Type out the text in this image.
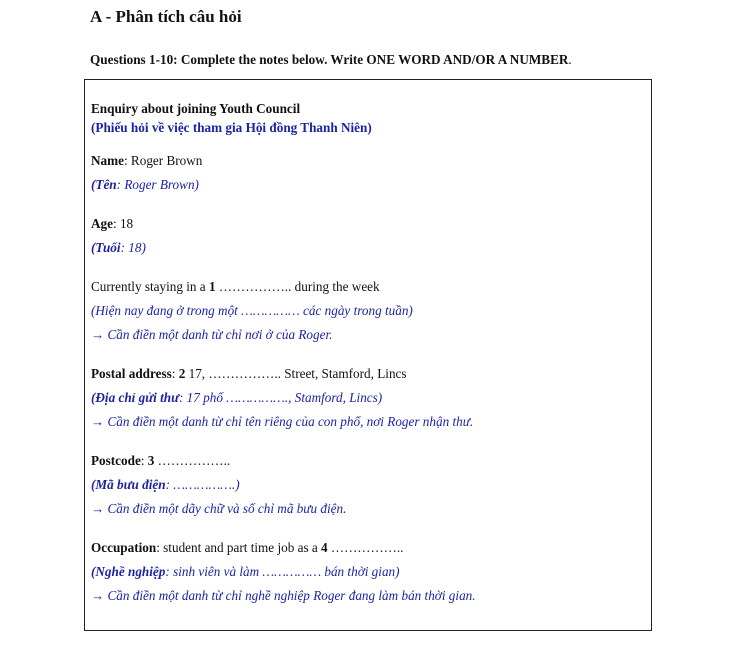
A - Phân tích câu hỏi
Questions 1-10: Complete the notes below. Write ONE WORD AND/OR A NUMBER.
Enquiry about joining Youth Council
(Phiếu hỏi về việc tham gia Hội đồng Thanh Niên)
Name: Roger Brown
(Tên: Roger Brown)
Age: 18
(Tuổi: 18)
Currently staying in a 1 …………….. during the week
(Hiện nay đang ở trong một …………… các ngày trong tuần)
→ Cần điền một danh từ chỉ nơi ở của Roger.
Postal address: 2 17, …………….. Street, Stamford, Lincs
(Địa chỉ gửi thư: 17 phố ……………., Stamford, Lincs)
→ Cần điền một danh từ chỉ tên riêng của con phố, nơi Roger nhận thư.
Postcode: 3 ……………..
(Mã bưu điện: …………….)
→ Cần điền một dãy chữ và số chỉ mã bưu điện.
Occupation: student and part time job as a 4 ……………..
(Nghề nghiệp: sinh viên và làm …………… bán thời gian)
→ Cần điền một danh từ chỉ nghề nghiệp Roger đang làm bán thời gian.
